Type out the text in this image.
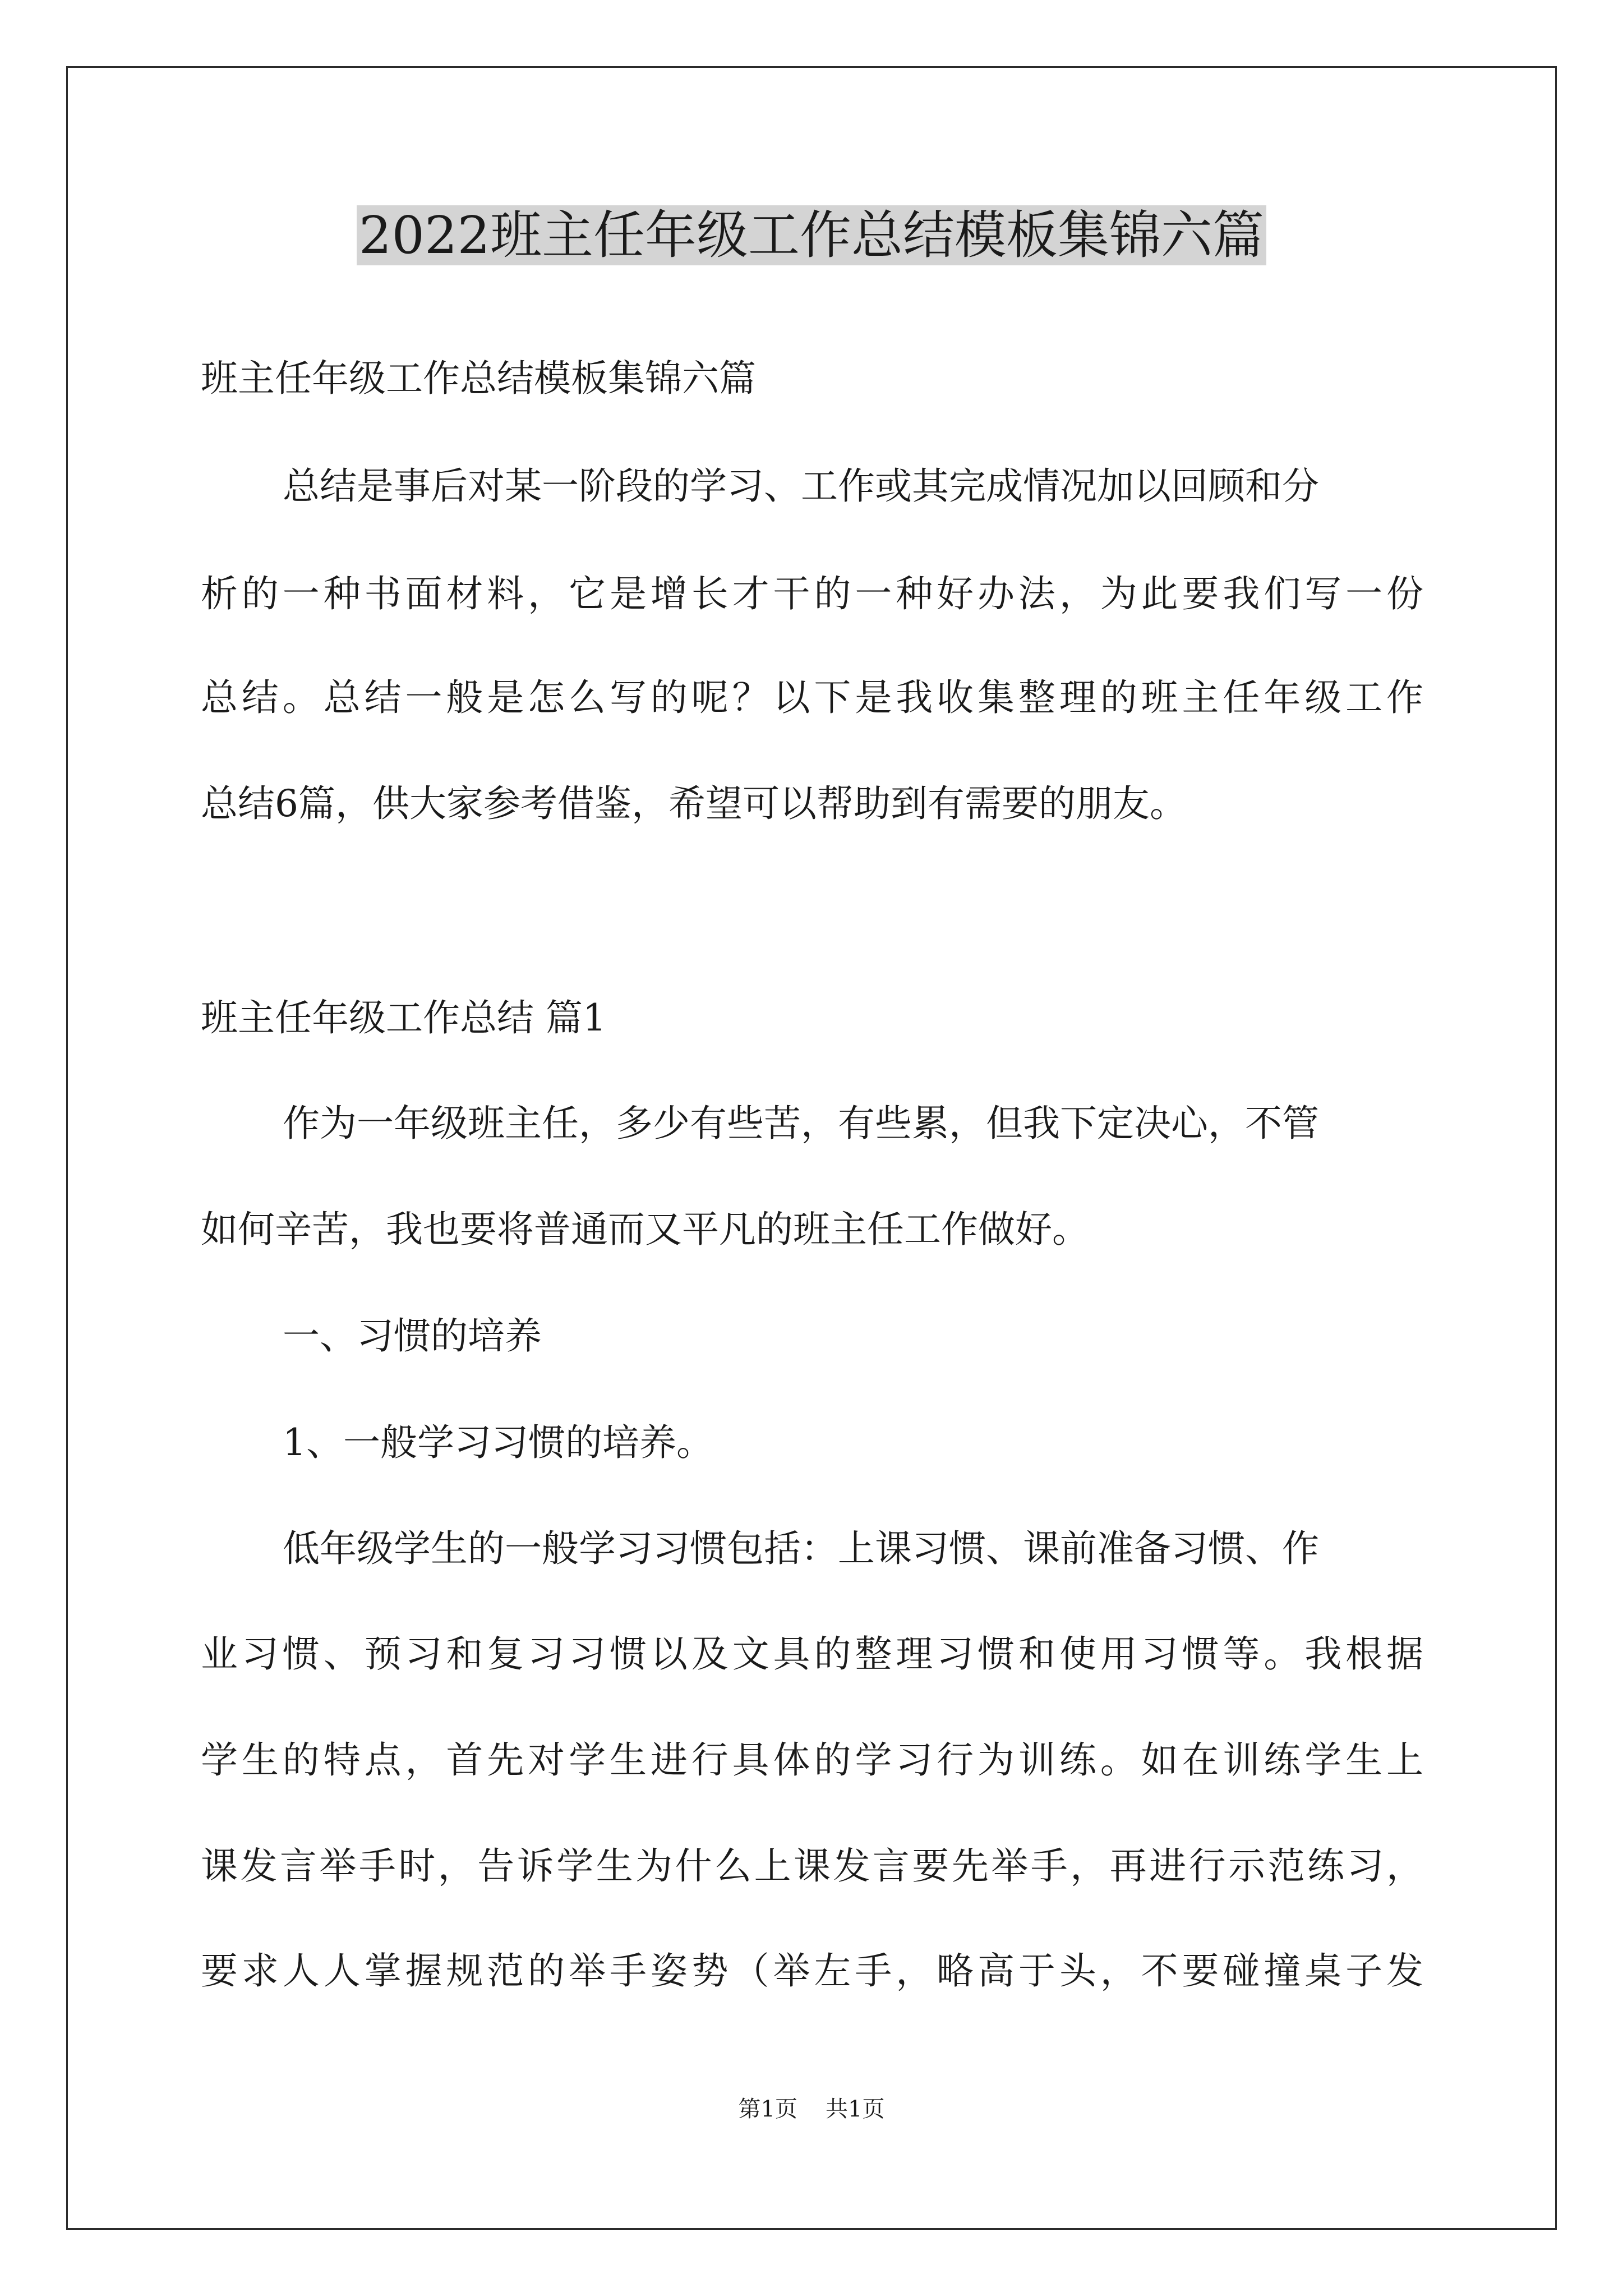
2022班主任年级工作总结模板集锦六篇
班主任年级工作总结模板集锦六篇
总结是事后对某一阶段的学习、工作或其完成情况加以回顾和分
析的一种书面材料，它是增长才干的一种好办法，为此要我们写一份
总结。总结一般是怎么写的呢？以下是我收集整理的班主任年级工作
总结6篇，供大家参考借鉴，希望可以帮助到有需要的朋友。
班主任年级工作总结 篇1
作为一年级班主任，多少有些苦，有些累，但我下定决心，不管
如何辛苦，我也要将普通而又平凡的班主任工作做好。
一、习惯的培养
1、一般学习习惯的培养。
低年级学生的一般学习习惯包括：上课习惯、课前准备习惯、作
业习惯、预习和复习习惯以及文具的整理习惯和使用习惯等。我根据
学生的特点，首先对学生进行具体的学习行为训练。如在训练学生上
课发言举手时，告诉学生为什么上课发言要先举手，再进行示范练习，
要求人人掌握规范的举手姿势（举左手，略高于头，不要碰撞桌子发
第1页 共1页
